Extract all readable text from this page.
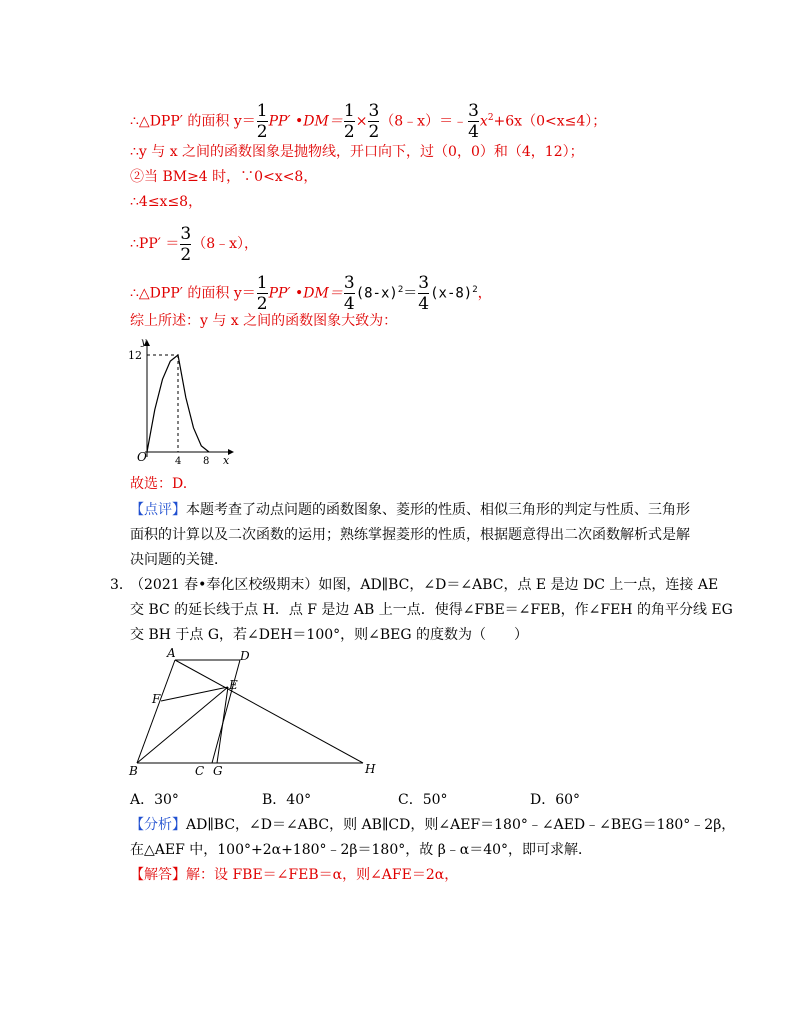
∴△DPP′ 的面积 $y= \frac{1}{2} PP'$ •DM＝ $\frac{1}{2} \times \frac{3}{2}$ （8﹣x）＝﹣ $\frac{3}{4} x^2+6x(0<x\le 4)$；
∴y 与 x 之间的函数图象是抛物线，开口向下，过（0，0）和（4，12）；
②当 BM≥4 时，∵0<x<8，
∴4≤x≤8，
∴PP′ ＝ $\frac{3}{2}$ （8﹣x），
∴△DPP′ 的面积 $y= \frac{1}{2} PP'$ •DM＝ $\frac{3}{4} (8-x)^2= \frac{3}{4} (x-8)^2$，
综上所述：y 与 x 之间的函数图象大致为：
y
x
O
12
4 8
故选：D.
【点评】本题考查了动点问题的函数图象、菱形的性质、相似三角形的判定与性质、三角形
面积的计算以及二次函数的运用；熟练掌握菱形的性质，根据题意得出二次函数解析式是解
决问题的关键．
3．
（2021 春•奉化区校级期末）如图，AD∥BC，∠D＝∠ABC，点 E 是边 DC 上一点，连接 AE
交 BC 的延长线于点 H．点 F 是边 AB 上一点．使得∠FBE＝∠FEB，作∠FEH 的角平分线 EG
交 BH 于点 G，若∠DEH＝100°，则∠BEG 的度数为（　　）
A	D
F
E
B	C G	H
A．30°	B．40°	C．50°	D．60°
【分析】AD∥BC，∠D＝∠ABC，则 AB∥CD，则∠AEF＝180°﹣∠AED﹣∠BEG＝180°﹣2β，
在△AEF 中，100°+2α+180°﹣2β＝180°，故 β﹣α＝40°，即可求解．
【解答】解：设 FBE＝∠FEB＝α，则∠AFE＝2α，
